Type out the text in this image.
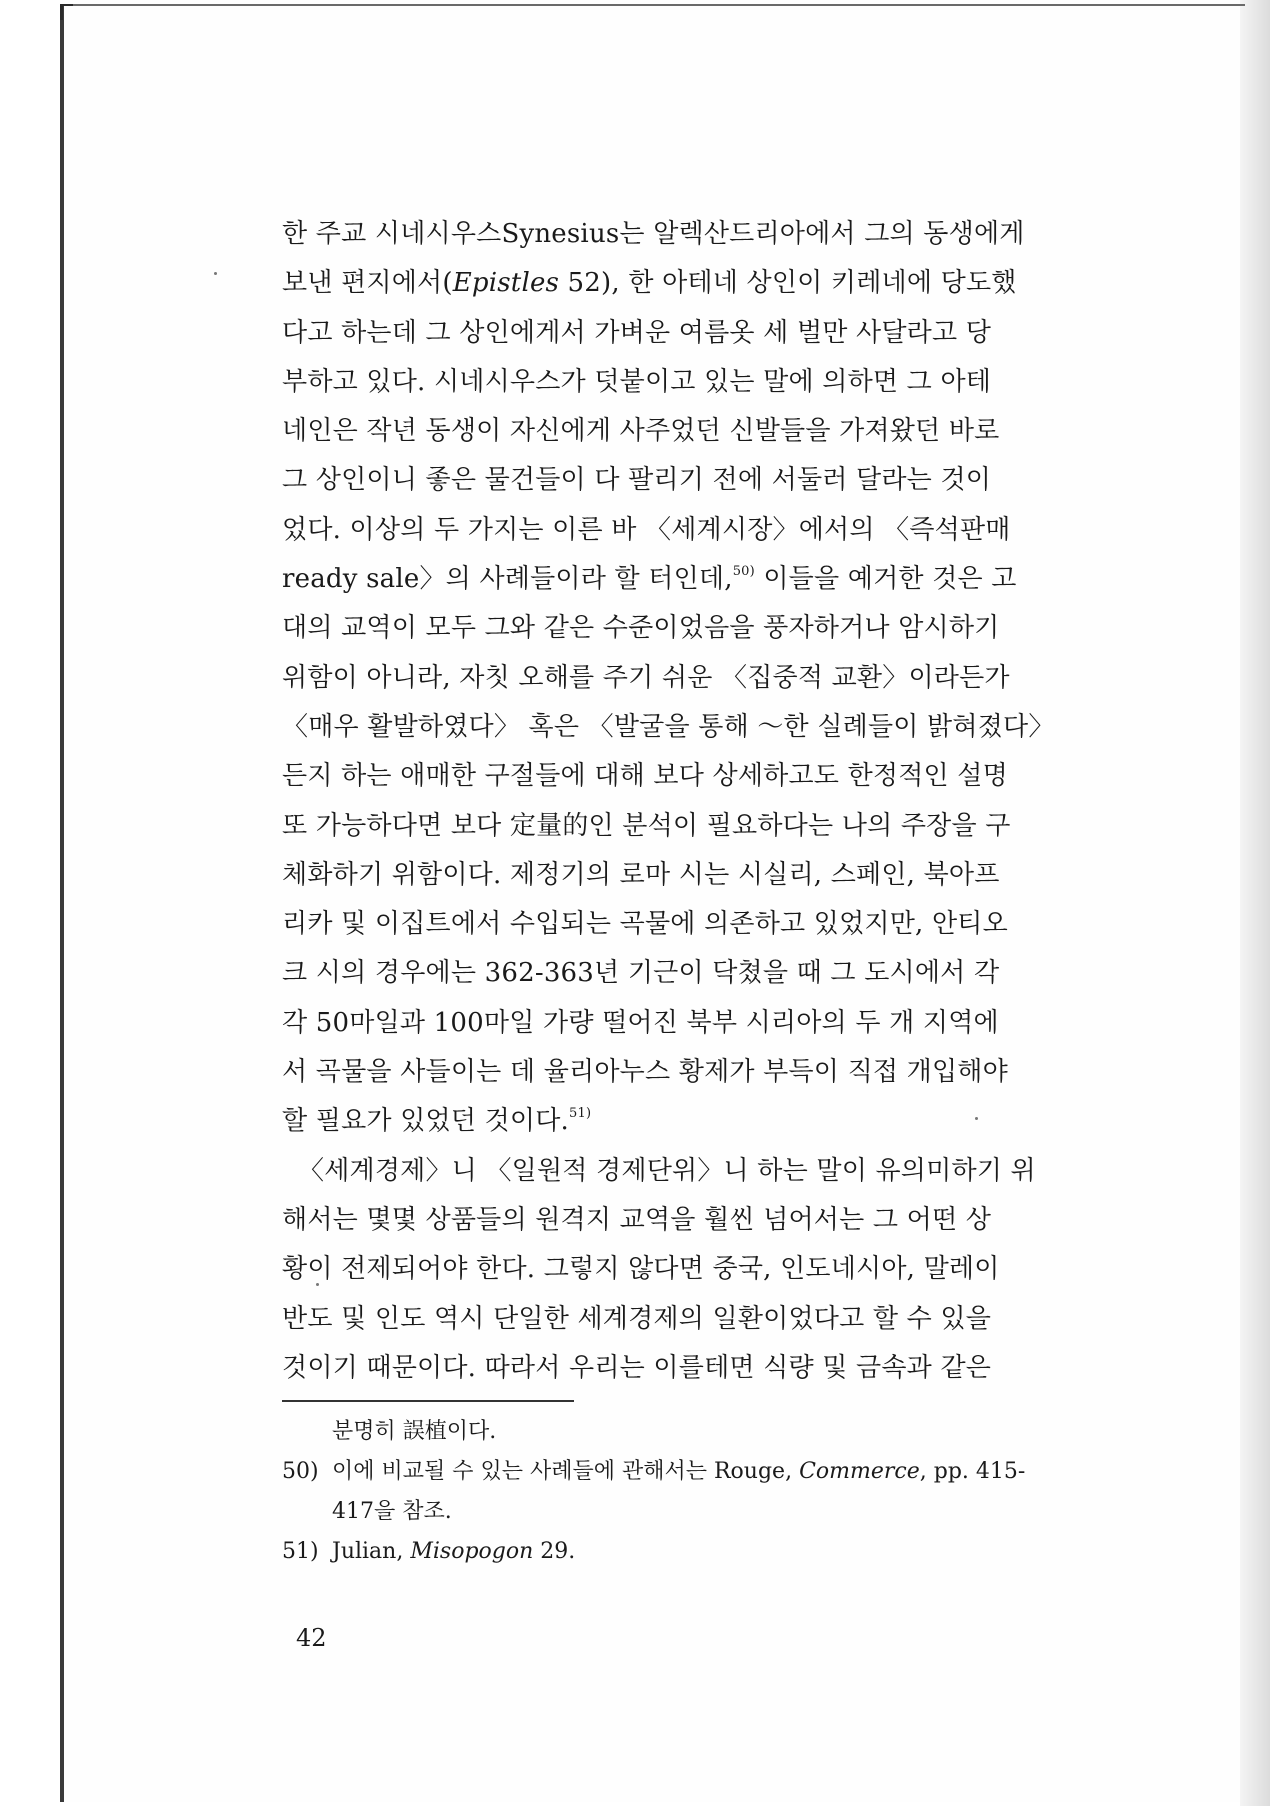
한 주교 시네시우스Synesius는 알렉산드리아에서 그의 동생에게
보낸 편지에서(Epistles 52), 한 아테네 상인이 키레네에 당도했
다고 하는데 그 상인에게서 가벼운 여름옷 세 벌만 사달라고 당
부하고 있다. 시네시우스가 덧붙이고 있는 말에 의하면 그 아테
네인은 작년 동생이 자신에게 사주었던 신발들을 가져왔던 바로
그 상인이니 좋은 물건들이 다 팔리기 전에 서둘러 달라는 것이
었다. 이상의 두 가지는 이른 바 〈세계시장〉에서의 〈즉석판매
ready sale〉의 사례들이라 할 터인데,$^{50)}$ 이들을 예거한 것은 고
대의 교역이 모두 그와 같은 수준이었음을 풍자하거나 암시하기
위함이 아니라, 자칫 오해를 주기 쉬운 〈집중적 교환〉이라든가
〈매우 활발하였다〉 혹은 〈발굴을 통해 ～한 실례들이 밝혀졌다〉
든지 하는 애매한 구절들에 대해 보다 상세하고도 한정적인 설명
또 가능하다면 보다 定量的인 분석이 필요하다는 나의 주장을 구
체화하기 위함이다. 제정기의 로마 시는 시실리, 스페인, 북아프
리카 및 이집트에서 수입되는 곡물에 의존하고 있었지만, 안티오
크 시의 경우에는 362-363년 기근이 닥쳤을 때 그 도시에서 각
각 50마일과 100마일 가량 떨어진 북부 시리아의 두 개 지역에
서 곡물을 사들이는 데 율리아누스 황제가 부득이 직접 개입해야
할 필요가 있었던 것이다.$^{51)}$
〈세계경제〉니 〈일원적 경제단위〉니 하는 말이 유의미하기 위
해서는 몇몇 상품들의 원격지 교역을 훨씬 넘어서는 그 어떤 상
황이 전제되어야 한다. 그렇지 않다면 중국, 인도네시아, 말레이
반도 및 인도 역시 단일한 세계경제의 일환이었다고 할 수 있을
것이기 때문이다. 따라서 우리는 이를테면 식량 및 금속과 같은
분명히 誤植이다.
50) 이에 비교될 수 있는 사례들에 관해서는 Rouge, Commerce, pp. 415-
417을 참조.
51) Julian, Misopogon 29.
42
